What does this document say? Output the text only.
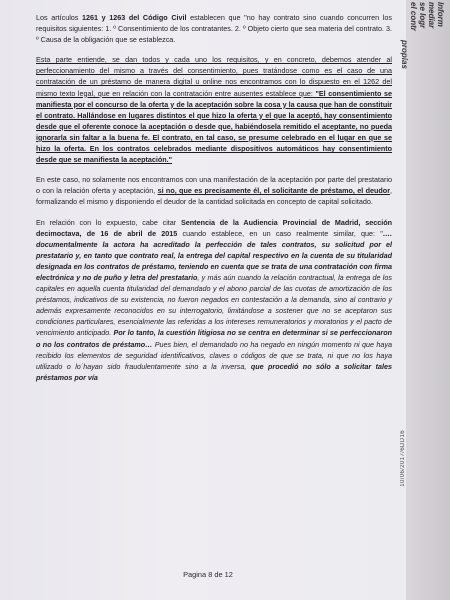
Los artículos 1261 y 1263 del Código Civil establecen que "no hay contrato sino cuando concurren los requisitos siguientes: 1. º Consentimiento de los contratantes. 2. º Objeto cierto que sea materia del contrato. 3. º Causa de la obligación que se establezca.

Esta parte entiende, se dan todos y cada uno los requisitos, y en concreto, debemos atender al perfeccionamiento del mismo a través del consentimiento, pues tratándose como es el caso de una contratación de un préstamo de manera digital u online nos encontramos con lo dispuesto en el 1262 del mismo texto legal, que en relación con la contratación entre ausentes establece que: "El consentimiento se manifiesta por el concurso de la oferta y de la aceptación sobre la cosa y la causa que han de constituir el contrato. Hallándose en lugares distintos el que hizo la oferta y el que la aceptó, hay consentimiento desde que el oferente conoce la aceptación o desde que, habiéndosela remitido el aceptante, no pueda ignorarla sin faltar a la buena fe. El contrato, en tal caso, se presume celebrado en el lugar en que se hizo la oferta. En los contratos celebrados mediante dispositivos automáticos hay consentimiento desde que se manifiesta la aceptación."

En este caso, no solamente nos encontramos con una manifestación de la aceptación por parte del prestatario o con la relación oferta y aceptación, si no, que es precisamente él, el solicitante de préstamo, el deudor, formalizando el mismo y disponiendo el deudor de la cantidad solicitada en concepto de capital solicitado.

En relación con lo expuesto, cabe citar Sentencia de la Audiencia Provincial de Madrid, sección decimoctava, de 16 de abril de 2015 cuando establece, en un caso realmente similar, que: "…. documentalmente la actora ha acreditado la perfección de tales contratos, su solicitud por el prestatario y, en tanto que contrato real, la entrega del capital respectivo en la cuenta de su titularidad designada en los contratos de préstamo, teniendo en cuenta que se trata de una contratación con firma electrónica y no de puño y letra del prestatario, y más aún cuando la relación contractual, la entrega de los capitales en aquella cuenta titularidad del demandado y el abono parcial de las cuotas de amortización de los préstamos, indicativos de su existencia, no fueron negados en contestación a la demanda, sino al contrario y además expresamente reconocidos en su interrogatorio, limitándose a sostener que no se aceptaron sus condiciones particulares, esencialmente las referidas a los intereses remuneratorios y moratorios y el pacto de vencimiento anticipado. Por lo tanto, la cuestión litigiosa no se centra en determinar si se perfeccionaron o no los contratos de préstamo… Pues bien, el demandado no ha negado en ningún momento ni que haya recibido los elementos de seguridad identificativos, claves o códigos de que se trata, ni que no los haya utilizado o lo´hayan sido fraudulentamente sino a la inversa, que procedió no sólo a solicitar tales préstamos por vía

10/06/2017/6DD16
Pagina 8 de 12
Inform
mediar
se logr
el contr
propias
